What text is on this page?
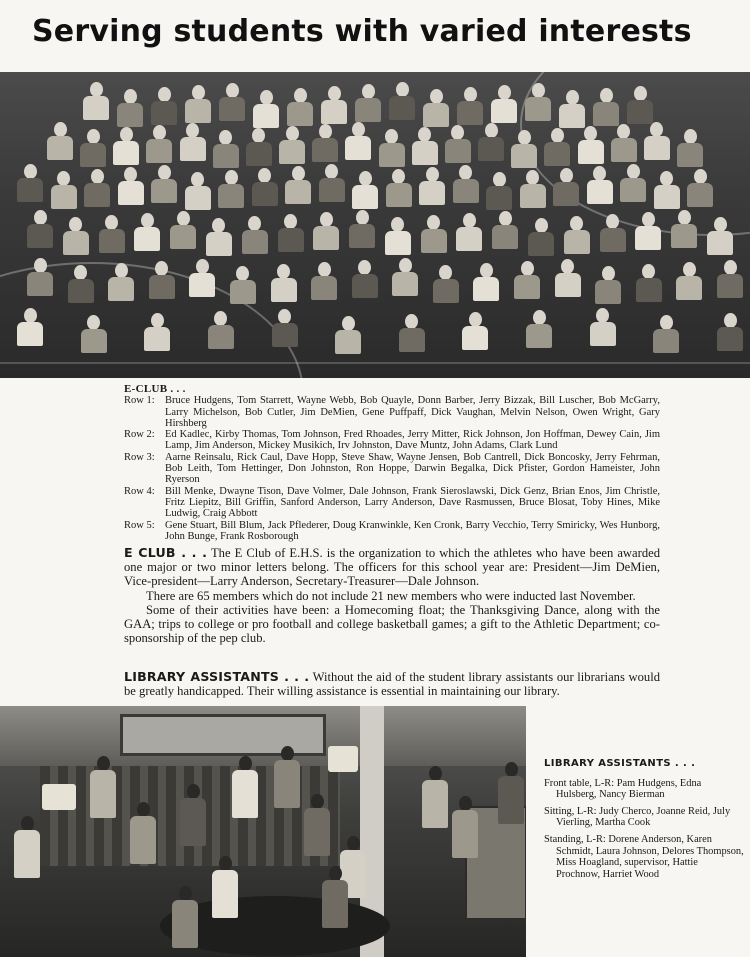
Serving students with varied interests
E-CLUB . . .
Row 1: Bruce Hudgens, Tom Starrett, Wayne Webb, Bob Quayle, Donn Barber, Jerry Bizzak, Bill Luscher, Bob McGarry, Larry Michelson, Bob Cutler, Jim DeMien, Gene Puffpaff, Dick Vaughan, Melvin Nelson, Owen Wright, Gary Hirshberg
Row 2: Ed Kadlec, Kirby Thomas, Tom Johnson, Fred Rhoades, Jerry Mitter, Rick Johnson, Jon Hoffman, Dewey Cain, Jim Lamp, Jim Anderson, Mickey Musikich, Irv Johnston, Dave Muntz, John Adams, Clark Lund
Row 3: Aarne Reinsalu, Rick Caul, Dave Hopp, Steve Shaw, Wayne Jensen, Bob Cantrell, Dick Boncosky, Jerry Fehrman, Bob Leith, Tom Hettinger, Don Johnston, Ron Hoppe, Darwin Begalka, Dick Pfister, Gordon Hameister, John Ryerson
Row 4: Bill Menke, Dwayne Tison, Dave Volmer, Dale Johnson, Frank Sieroslawski, Dick Genz, Brian Enos, Jim Christle, Fritz Liepitz, Bill Griffin, Sanford Anderson, Larry Anderson, Dave Rasmussen, Bruce Blosat, Toby Hines, Mike Ludwig, Craig Abbott
Row 5: Gene Stuart, Bill Blum, Jack Pflederer, Doug Kranwinkle, Ken Cronk, Barry Vecchio, Terry Smiricky, Wes Hunborg, John Bunge, Frank Rosborough

E CLUB . . . The E Club of E.H.S. is the organization to which the athletes who have been awarded one major or two minor letters belong. The officers for this school year are: President—Jim DeMien, Vice-president—Larry Anderson, Secretary-Treasurer—Dale Johnson.

There are 65 members which do not include 21 new members who were inducted last November.

Some of their activities have been: a Homecoming float; the Thanksgiving Dance, along with the GAA; trips to college or pro football and college basketball games; a gift to the Athletic Department; co-sponsorship of the pep club.

LIBRARY ASSISTANTS . . . Without the aid of the student library assistants our librarians would be greatly handicapped. Their willing assistance is essential in maintaining our library.

LIBRARY ASSISTANTS . . .
Front table, L-R: Pam Hudgens, Edna Hulsberg, Nancy Bierman
Sitting, L-R: Judy Cherco, Joanne Reid, July Vierling, Martha Cook
Standing, L-R: Dorene Anderson, Karen Schmidt, Laura Johnson, Delores Thompson, Miss Hoagland, supervisor, Hattie Prochnow, Harriet Wood
